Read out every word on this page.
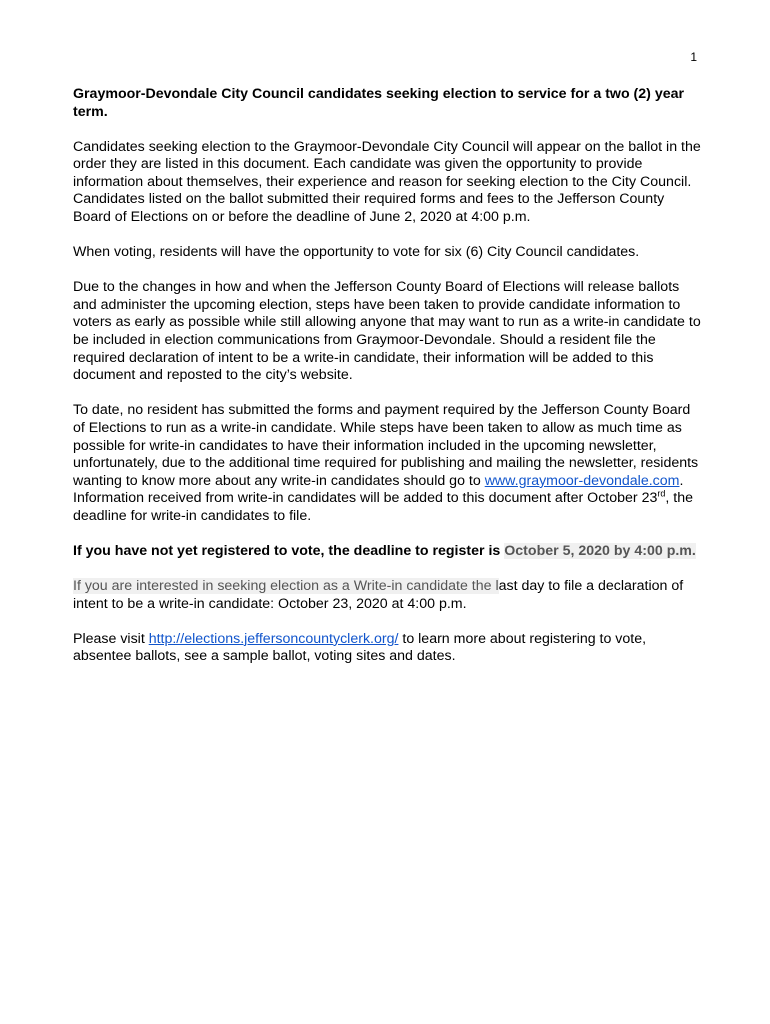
1

Graymoor-Devondale City Council candidates seeking election to service for a two (2) year term.

Candidates seeking election to the Graymoor-Devondale City Council will appear on the ballot in the order they are listed in this document. Each candidate was given the opportunity to provide information about themselves, their experience and reason for seeking election to the City Council. Candidates listed on the ballot submitted their required forms and fees to the Jefferson County Board of Elections on or before the deadline of June 2, 2020 at 4:00 p.m.

When voting, residents will have the opportunity to vote for six (6) City Council candidates.

Due to the changes in how and when the Jefferson County Board of Elections will release ballots and administer the upcoming election, steps have been taken to provide candidate information to voters as early as possible while still allowing anyone that may want to run as a write-in candidate to be included in election communications from Graymoor-Devondale. Should a resident file the required declaration of intent to be a write-in candidate, their information will be added to this document and reposted to the city’s website.

To date, no resident has submitted the forms and payment required by the Jefferson County Board of Elections to run as a write-in candidate. While steps have been taken to allow as much time as possible for write-in candidates to have their information included in the upcoming newsletter, unfortunately, due to the additional time required for publishing and mailing the newsletter, residents wanting to know more about any write-in candidates should go to www.graymoor-devondale.com. Information received from write-in candidates will be added to this document after October 23rd, the deadline for write-in candidates to file.

If you have not yet registered to vote, the deadline to register is October 5, 2020 by 4:00 p.m.

If you are interested in seeking election as a Write-in candidate the last day to file a declaration of intent to be a write-in candidate: October 23, 2020 at 4:00 p.m.

Please visit http://elections.jeffersoncountyclerk.org/ to learn more about registering to vote, absentee ballots, see a sample ballot, voting sites and dates.
